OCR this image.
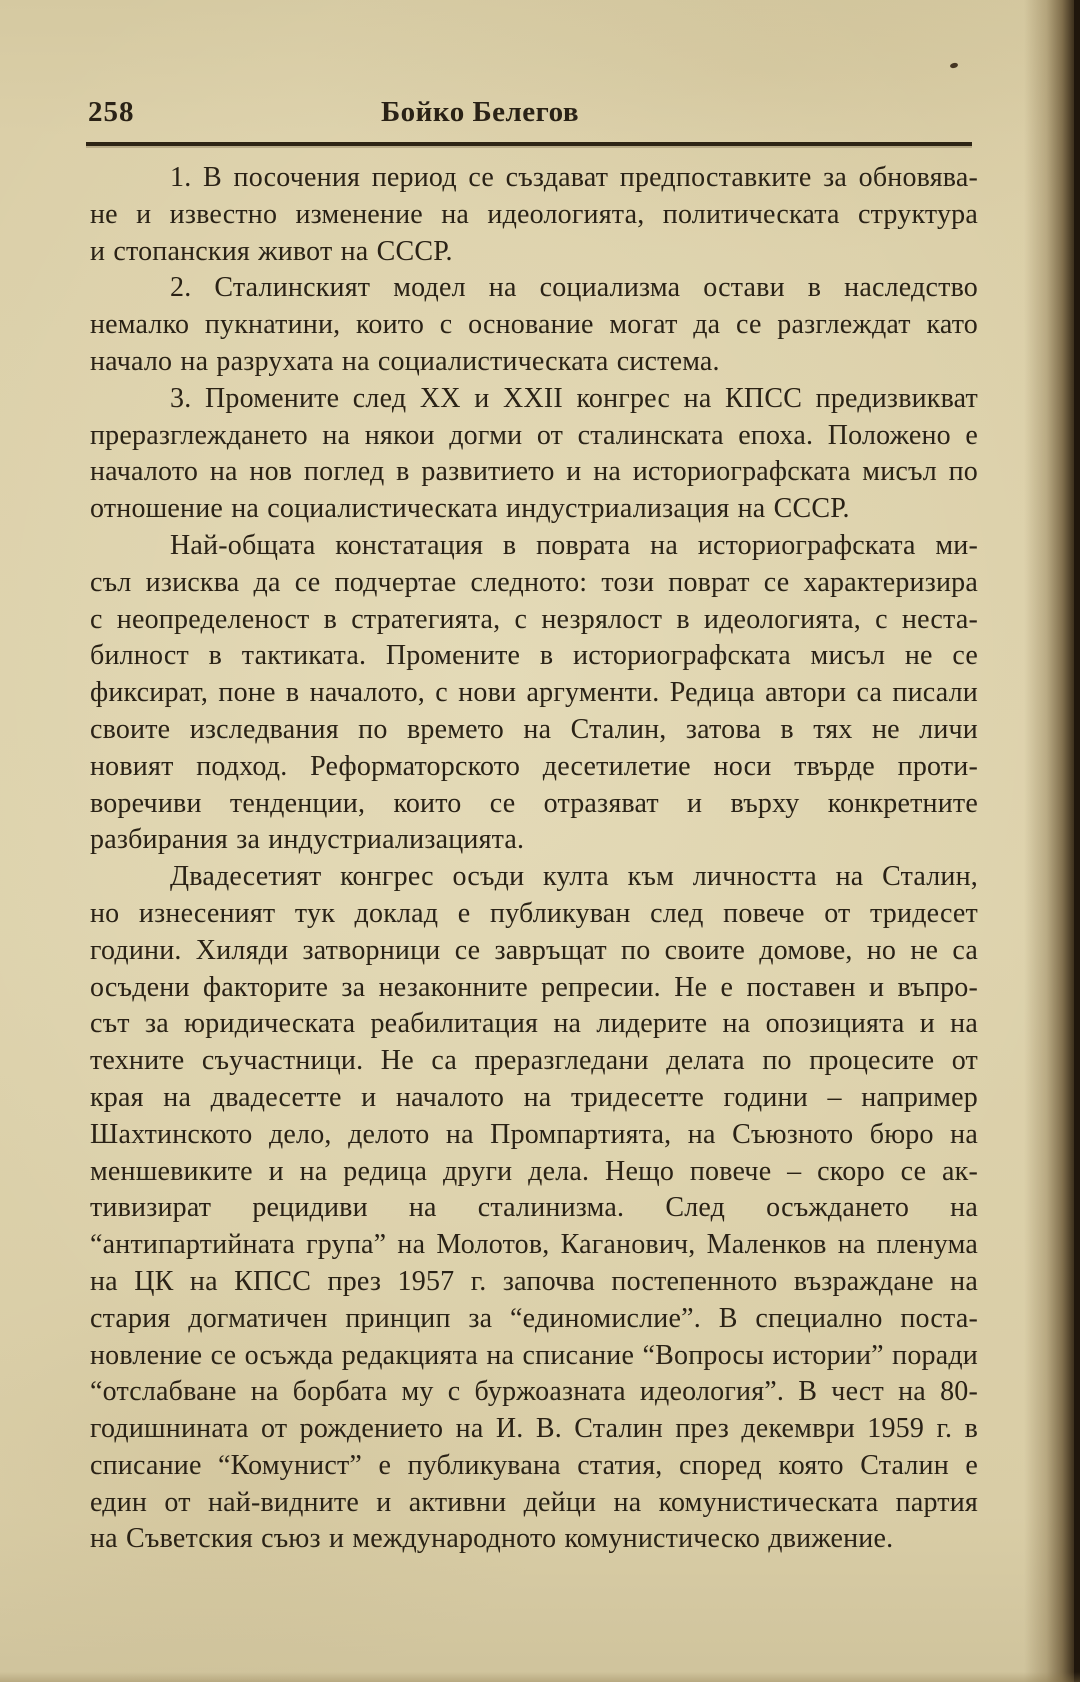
258	Бойко Белегов
1. В посочения период се създават предпоставките за обновява-
не и известно изменение на идеологията, политическата структура
и стопанския живот на СССР.
2. Сталинският модел на социализма остави в наследство
немалко пукнатини, които с основание могат да се разглеждат като
начало на разрухата на социалистическата система.
3. Промените след XX и XXII конгрес на КПСС предизвикват
преразглеждането на някои догми от сталинската епоха. Положено е
началото на нов поглед в развитието и на историографската мисъл по
отношение на социалистическата индустриализация на СССР.
Най-общата констатация в поврата на историографската ми-
съл изисква да се подчертае следното: този поврат се характеризира
с неопределеност в стратегията, с незрялост в идеологията, с неста-
билност в тактиката. Промените в историографската мисъл не се
фиксират, поне в началото, с нови аргументи. Редица автори са писали
своите изследвания по времето на Сталин, затова в тях не личи
новият подход. Реформаторското десетилетие носи твърде проти-
воречиви тенденции, които се отразяват и върху конкретните
разбирания за индустриализацията.
Двадесетият конгрес осъди култа към личността на Сталин,
но изнесеният тук доклад е публикуван след повече от тридесет
години. Хиляди затворници се завръщат по своите домове, но не са
осъдени факторите за незаконните репресии. Не е поставен и въпро-
сът за юридическата реабилитация на лидерите на опозицията и на
техните съучастници. Не са преразгледани делата по процесите от
края на двадесетте и началото на тридесетте години – например
Шахтинското дело, делото на Промпартията, на Съюзното бюро на
меншевиките и на редица други дела. Нещо повече – скоро се ак-
тивизират рецидиви на сталинизма. След осъждането на
“антипартийната група” на Молотов, Каганович, Маленков на пленума
на ЦК на КПСС през 1957 г. започва постепенното възраждане на
стария догматичен принцип за “единомислие”. В специално поста-
новление се осъжда редакцията на списание “Вопросы истории” поради
“отслабване на борбата му с буржоазната идеология”. В чест на 80-
годишнината от рождението на И. В. Сталин през декември 1959 г. в
списание “Комунист” е публикувана статия, според която Сталин е
един от най-видните и активни дейци на комунистическата партия
на Съветския съюз и международното комунистическо движение.
